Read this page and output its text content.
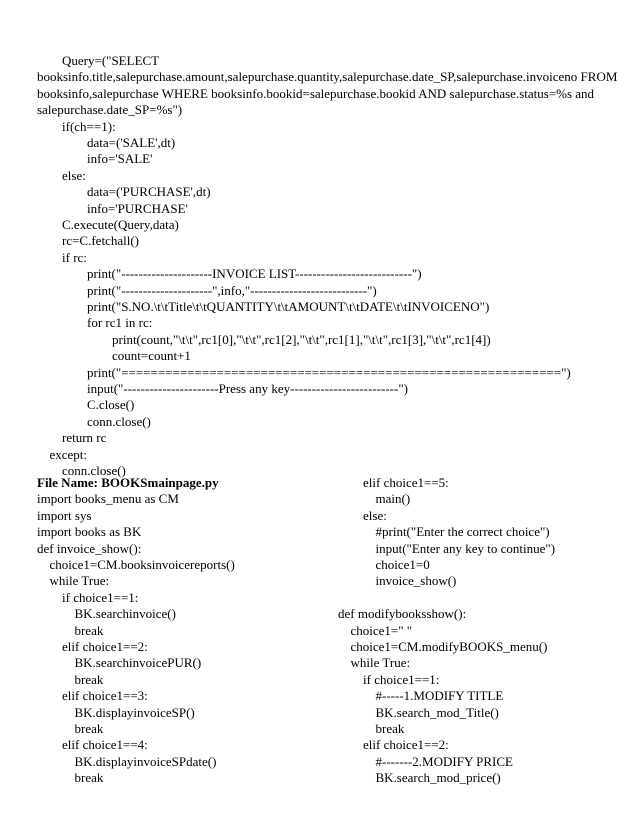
Query=("SELECT
booksinfo.title,salepurchase.amount,salepurchase.quantity,salepurchase.date_SP,salepurchase.invoiceno FROM
booksinfo,salepurchase WHERE booksinfo.bookid=salepurchase.bookid AND salepurchase.status=%s and
salepurchase.date_SP=%s")
if(ch==1):
data=('SALE',dt)
info='SALE'
else:
data=('PURCHASE',dt)
info='PURCHASE'
C.execute(Query,data)
rc=C.fetchall()
if rc:
print("---------------------INVOICE LIST---------------------------")
print("---------------------",info,"---------------------------")
print("S.NO.\t\tTitle\t\tQUANTITY\t\tAMOUNT\t\tDATE\t\tINVOICENO")
for rc1 in rc:
print(count,"\t\t",rc1[0],"\t\t",rc1[2],"\t\t",rc1[1],"\t\t",rc1[3],"\t\t",rc1[4])
count=count+1
print("============================================================")
input("----------------------Press any key-------------------------")
C.close()
conn.close()
return rc
except:
conn.close()
File Name: BOOKSmainpage.py
import books_menu as CM
import sys
import books as BK
def invoice_show():
choice1=CM.booksinvoicereports()
while True:
if choice1==1:
BK.searchinvoice()
break
elif choice1==2:
BK.searchinvoicePUR()
break
elif choice1==3:
BK.displayinvoiceSP()
break
elif choice1==4:
BK.displayinvoiceSPdate()
break
elif choice1==5:
main()
else:
#print("Enter the correct choice")
input("Enter any key to continue")
choice1=0
invoice_show()
def modifybooksshow():
choice1=" "
choice1=CM.modifyBOOKS_menu()
while True:
if choice1==1:
#-----1.MODIFY TITLE
BK.search_mod_Title()
break
elif choice1==2:
#-------2.MODIFY PRICE
BK.search_mod_price()
